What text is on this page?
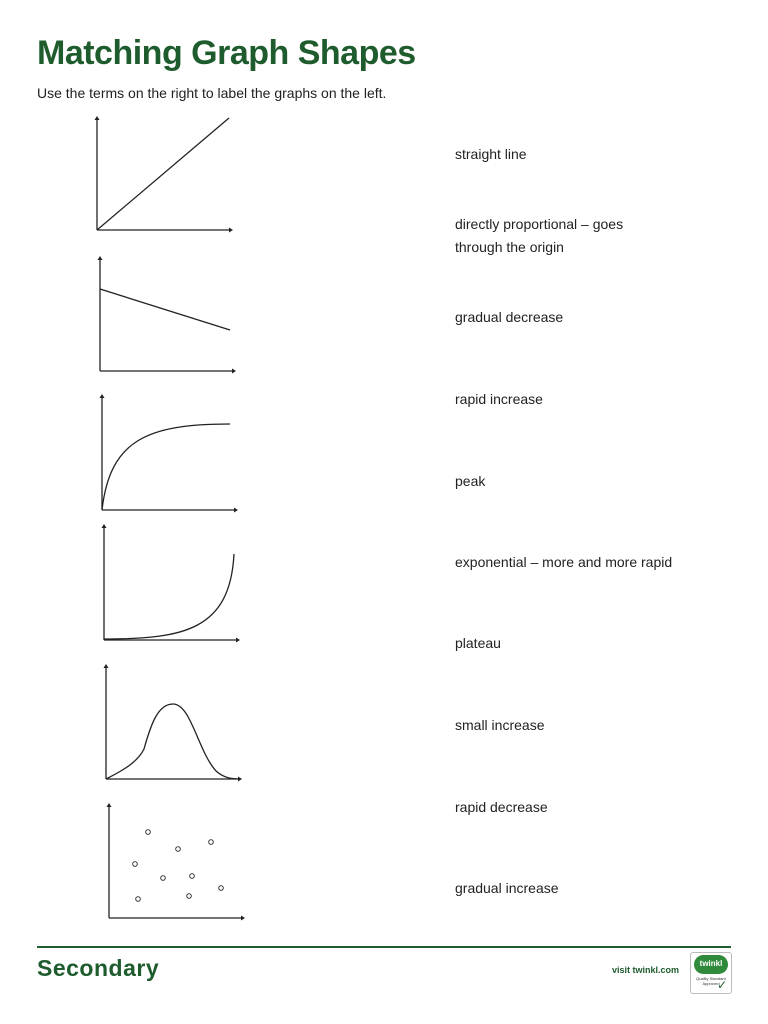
Matching Graph Shapes
Use the terms on the right to label the graphs on the left.
straight line
directly proportional – goes
through the origin
gradual decrease
rapid increase
peak
exponential – more and more rapid
plateau
small increase
rapid decrease
gradual increase
Secondary	visit twinkl.com
twinkl
Quality Standard
Approved
✓
